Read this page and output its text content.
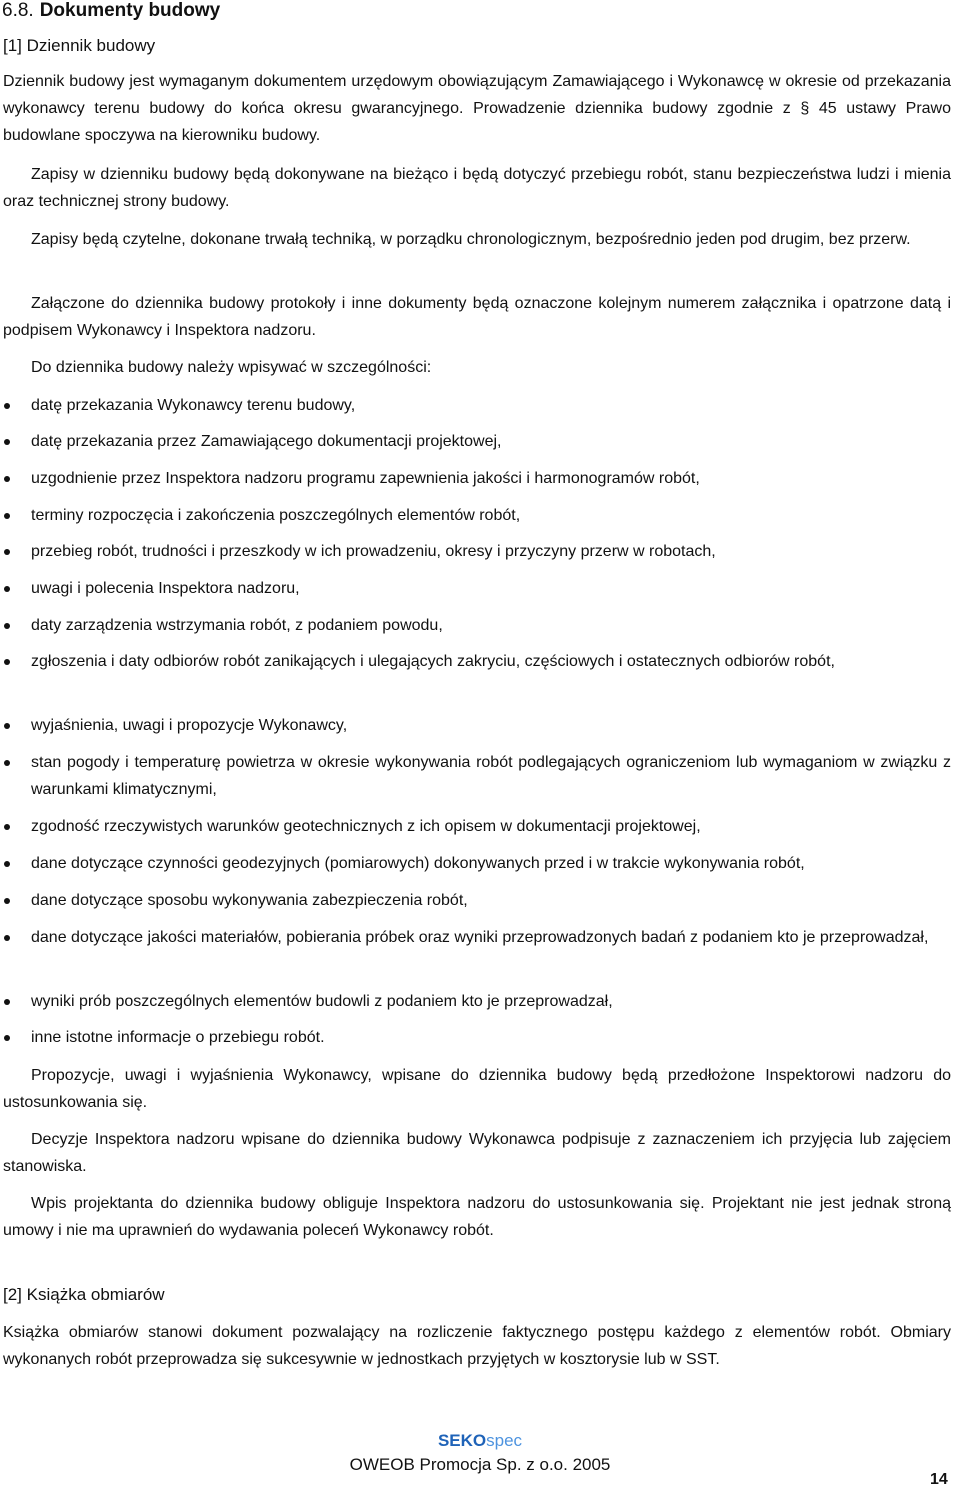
6.8. Dokumenty budowy
[1] Dziennik budowy

Dziennik budowy jest wymaganym dokumentem urzędowym obowiązującym Zamawiającego i Wykonawcę w okresie od przekazania wykonawcy terenu budowy do końca okresu gwarancyjnego. Prowadzenie dziennika budowy zgodnie z § 45 ustawy Prawo budowlane spoczywa na kierowniku budowy.

Zapisy w dzienniku budowy będą dokonywane na bieżąco i będą dotyczyć przebiegu robót, stanu bezpieczeństwa ludzi i mienia oraz technicznej strony budowy.

Zapisy będą czytelne, dokonane trwałą techniką, w porządku chronologicznym, bezpośrednio jeden pod drugim, bez przerw.

Załączone do dziennika budowy protokoły i inne dokumenty będą oznaczone kolejnym numerem załącznika i opatrzone datą i podpisem Wykonawcy i Inspektora nadzoru.

Do dziennika budowy należy wpisywać w szczególności:

datę przekazania Wykonawcy terenu budowy,
datę przekazania przez Zamawiającego dokumentacji projektowej,
uzgodnienie przez Inspektora nadzoru programu zapewnienia jakości i harmonogramów robót,
terminy rozpoczęcia i zakończenia poszczególnych elementów robót,
przebieg robót, trudności i przeszkody w ich prowadzeniu, okresy i przyczyny przerw w robotach,
uwagi i polecenia Inspektora nadzoru,
daty zarządzenia wstrzymania robót, z podaniem powodu,
zgłoszenia i daty odbiorów robót zanikających i ulegających zakryciu, częściowych i ostatecznych odbiorów robót,
wyjaśnienia, uwagi i propozycje Wykonawcy,
stan pogody i temperaturę powietrza w okresie wykonywania robót podlegających ograniczeniom lub wymaganiom w związku z warunkami klimatycznymi,
zgodność rzeczywistych warunków geotechnicznych z ich opisem w dokumentacji projektowej,
dane dotyczące czynności geodezyjnych (pomiarowych) dokonywanych przed i w trakcie wykonywania robót,
dane dotyczące sposobu wykonywania zabezpieczenia robót,
dane dotyczące jakości materiałów, pobierania próbek oraz wyniki przeprowadzonych badań z podaniem kto je przeprowadzał,
wyniki prób poszczególnych elementów budowli z podaniem kto je przeprowadzał,
inne istotne informacje o przebiegu robót.

Propozycje, uwagi i wyjaśnienia Wykonawcy, wpisane do dziennika budowy będą przedłożone Inspektorowi nadzoru do ustosunkowania się.

Decyzje Inspektora nadzoru wpisane do dziennika budowy Wykonawca podpisuje z zaznaczeniem ich przyjęcia lub zajęciem stanowiska.

Wpis projektanta do dziennika budowy obliguje Inspektora nadzoru do ustosunkowania się. Projektant nie jest jednak stroną umowy i nie ma uprawnień do wydawania poleceń Wykonawcy robót.

[2] Książka obmiarów

Książka obmiarów stanowi dokument pozwalający na rozliczenie faktycznego postępu każdego z elementów robót. Obmiary wykonanych robót przeprowadza się sukcesywnie w jednostkach przyjętych w kosztorysie lub w SST.

SEKOspec
OWEOB Promocja Sp. z o.o. 2005
14
